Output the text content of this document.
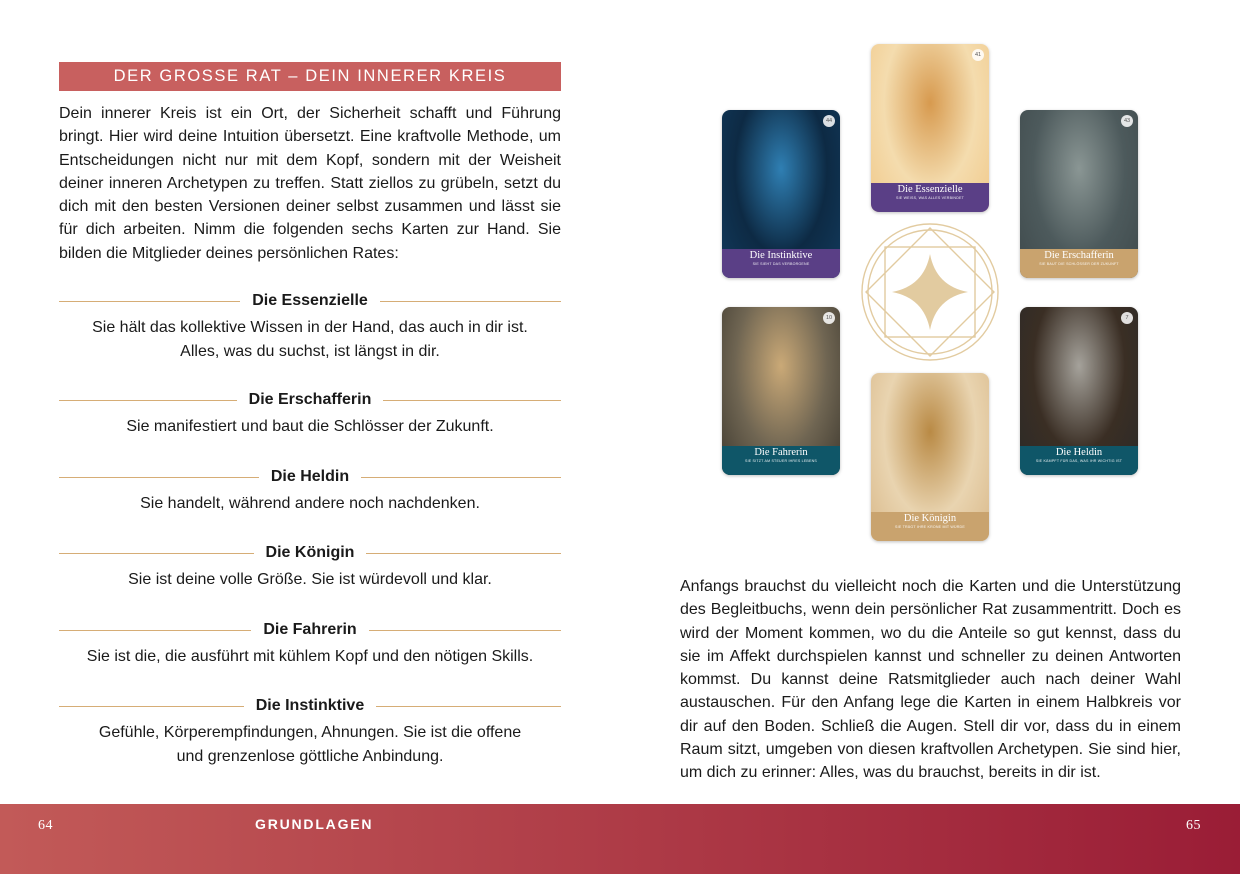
DER GROSSE RAT – DEIN INNERER KREIS

Dein innerer Kreis ist ein Ort, der Sicherheit schafft und Führung bringt. Hier wird deine Intuition übersetzt. Eine kraftvolle Methode, um Entscheidungen nicht nur mit dem Kopf, sondern mit der Weisheit deiner inneren Archetypen zu treffen. Statt ziellos zu grübeln, setzt du dich mit den besten Versionen deiner selbst zusammen und lässt sie für dich arbeiten. Nimm die folgenden sechs Karten zur Hand. Sie bilden die Mitglieder deines persönlichen Rates:

Die Essenzielle
Sie hält das kollektive Wissen in der Hand, das auch in dir ist.
Alles, was du suchst, ist längst in dir.
Die Erschafferin
Sie manifestiert und baut die Schlösser der Zukunft.
Die Heldin
Sie handelt, während andere noch nachdenken.
Die Königin
Sie ist deine volle Größe. Sie ist würdevoll und klar.
Die Fahrerin
Sie ist die, die ausführt mit kühlem Kopf und den nötigen Skills.
Die Instinktive
Gefühle, Körperempfindungen, Ahnungen. Sie ist die offene
und grenzenlose göttliche Anbindung.
44
Die Instinktive
SIE SIEHT DAS VERBORGENE
41
Die Essenzielle
SIE WEISS, WAS ALLES VERBINDET
43
Die Erschafferin
SIE BAUT DIE SCHLÖSSER DER ZUKUNFT
10
Die Fahrerin
SIE SITZT AM STEUER IHRES LEBENS
7
Die Heldin
SIE KÄMPFT FÜR DAS, WAS IHR WICHTIG IST
Die Königin
SIE TRÄGT IHRE KRONE MIT WÜRDE

Anfangs brauchst du vielleicht noch die Karten und die Unterstützung des Begleitbuchs, wenn dein persönlicher Rat zusammentritt. Doch es wird der Moment kommen, wo du die Anteile so gut kennst, dass du sie im Affekt durchspielen kannst und schneller zu deinen Antworten kommst. Du kannst deine Ratsmitglieder auch nach deiner Wahl austauschen. Für den Anfang lege die Karten in einem Halbkreis vor dir auf den Boden. Schließ die Augen. Stell dir vor, dass du in einem Raum sitzt, umgeben von diesen kraftvollen Archetypen. Sie sind hier, um dich zu erinner: Alles, was du brauchst, bereits in dir ist.

64	GRUNDLAGEN	65
